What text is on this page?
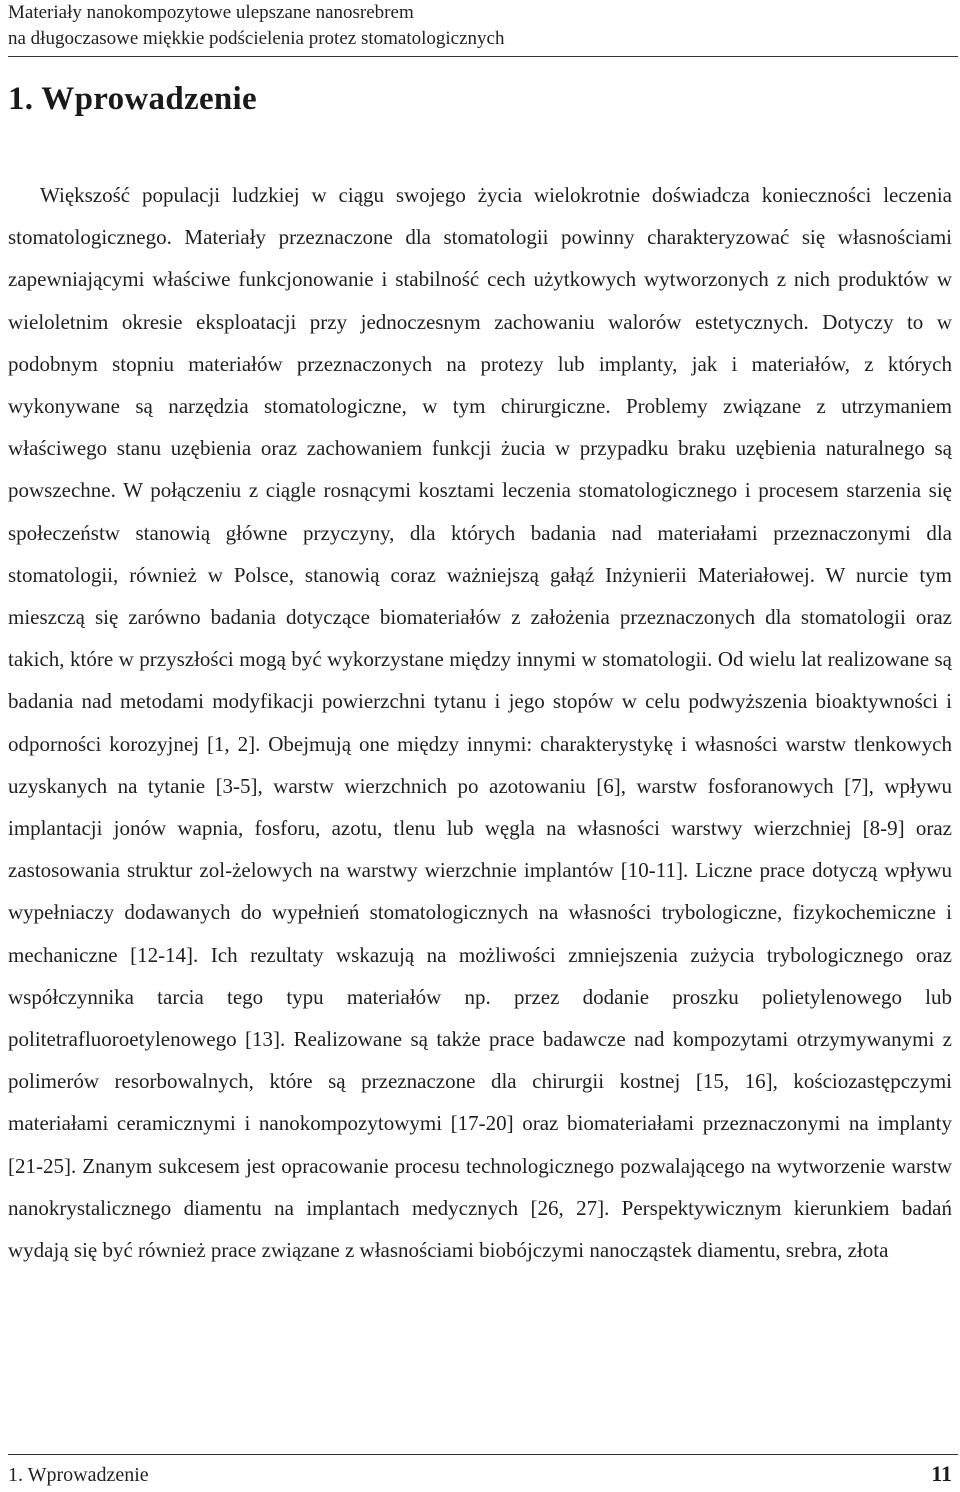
Materiały nanokompozytowe ulepszane nanosrebrem
na długoczasowe miękkie podścielenia protez stomatologicznych
1. Wprowadzenie

Większość populacji ludzkiej w ciągu swojego życia wielokrotnie doświadcza konieczności leczenia stomatologicznego. Materiały przeznaczone dla stomatologii powinny charakteryzować się własnościami zapewniającymi właściwe funkcjonowanie i stabilność cech użytkowych wytworzonych z nich produktów w wieloletnim okresie eksploatacji przy jednoczesnym zachowaniu walorów estetycznych. Dotyczy to w podobnym stopniu materiałów przeznaczonych na protezy lub implanty, jak i materiałów, z których wykonywane są narzędzia stomatologiczne, w tym chirurgiczne. Problemy związane z utrzymaniem właściwego stanu uzębienia oraz zachowaniem funkcji żucia w przypadku braku uzębienia naturalnego są powszechne. W połączeniu z ciągle rosnącymi kosztami leczenia stomatologicznego i procesem starzenia się społeczeństw stanowią główne przyczyny, dla których badania nad materiałami przeznaczonymi dla stomatologii, również w Polsce, stanowią coraz ważniejszą gałąź Inżynierii Materiałowej. W nurcie tym mieszczą się zarówno badania dotyczące biomateriałów z założenia przeznaczonych dla stomatologii oraz takich, które w przyszłości mogą być wykorzystane między innymi w stomatologii. Od wielu lat realizowane są badania nad metodami modyfikacji powierzchni tytanu i jego stopów w celu podwyższenia bioaktywności i odporności korozyjnej [1, 2]. Obejmują one między innymi: charakterystykę i własności warstw tlenkowych uzyskanych na tytanie [3-5], warstw wierzchnich po azotowaniu [6], warstw fosforanowych [7], wpływu implantacji jonów wapnia, fosforu, azotu, tlenu lub węgla na własności warstwy wierzchniej [8-9] oraz zastosowania struktur zol-żelowych na warstwy wierzchnie implantów [10-11]. Liczne prace dotyczą wpływu wypełniaczy dodawanych do wypełnień stomatologicznych na własności trybologiczne, fizykochemiczne i mechaniczne [12-14]. Ich rezultaty wskazują na możliwości zmniejszenia zużycia trybologicznego oraz współczynnika tarcia tego typu materiałów np. przez dodanie proszku polietylenowego lub politetrafluoroetylenowego [13]. Realizowane są także prace badawcze nad kompozytami otrzymywanymi z polimerów resorbowalnych, które są przeznaczone dla chirurgii kostnej [15, 16], kościozastępczymi materiałami ceramicznymi i nanokompozytowymi [17-20] oraz biomateriałami przeznaczonymi na implanty [21-25]. Znanym sukcesem jest opracowanie procesu technologicznego pozwalającego na wytworzenie warstw nanokrystalicznego diamentu na implantach medycznych [26, 27]. Perspektywicznym kierunkiem badań wydają się być również prace związane z własnościami biobójczymi nanocząstek diamentu, srebra, złota

1. Wprowadzenie	11
